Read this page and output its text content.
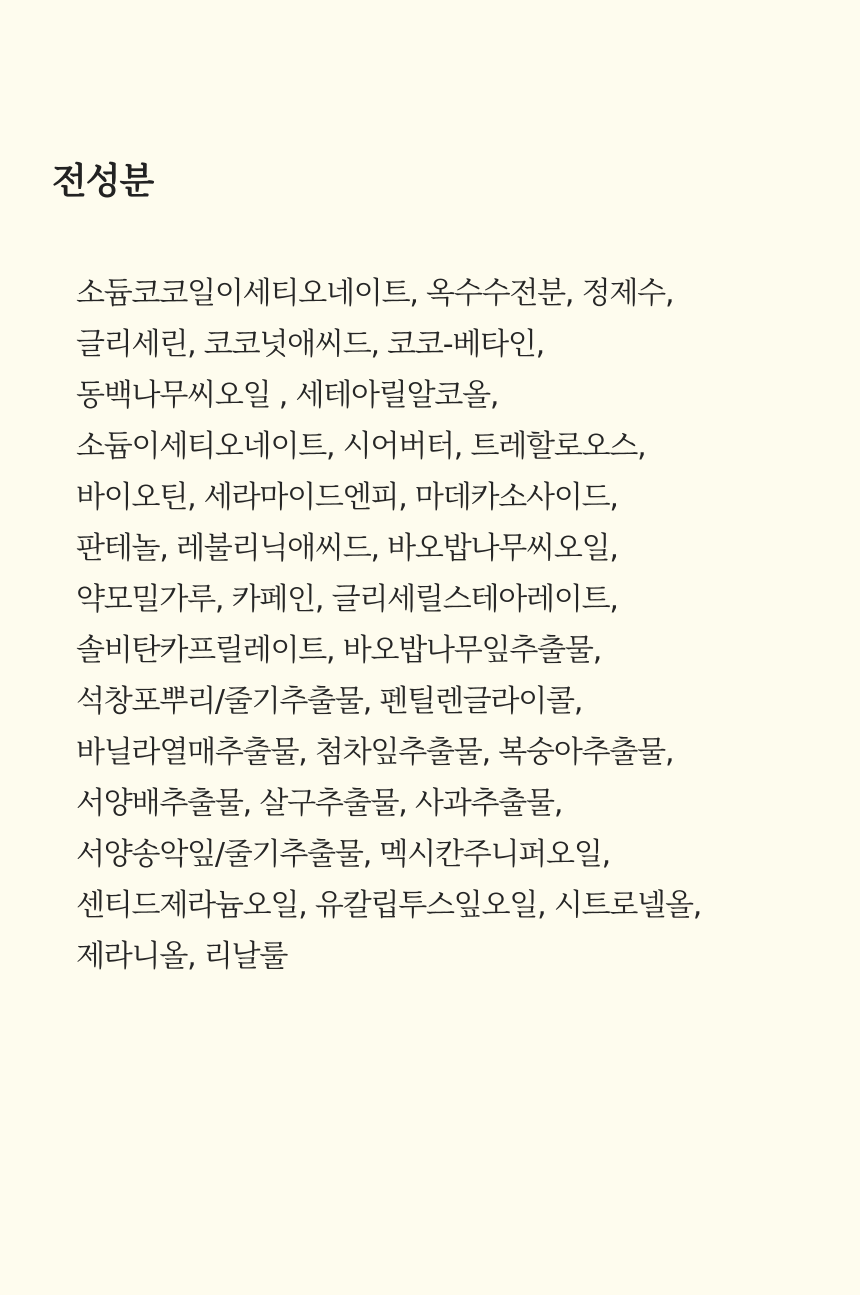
전성분
소듐코코일이세티오네이트, 옥수수전분, 정제수,
글리세린, 코코넛애씨드, 코코-베타인,
동백나무씨오일 , 세테아릴알코올,
소듐이세티오네이트, 시어버터, 트레할로오스,
바이오틴, 세라마이드엔피, 마데카소사이드,
판테놀, 레불리닉애씨드, 바오밥나무씨오일,
약모밀가루, 카페인, 글리세릴스테아레이트,
솔비탄카프릴레이트, 바오밥나무잎추출물,
석창포뿌리/줄기추출물, 펜틸렌글라이콜,
바닐라열매추출물, 첨차잎추출물, 복숭아추출물,
서양배추출물, 살구추출물, 사과추출물,
서양송악잎/줄기추출물, 멕시칸주니퍼오일,
센티드제라늄오일, 유칼립투스잎오일, 시트로넬올,
제라니올, 리날룰
